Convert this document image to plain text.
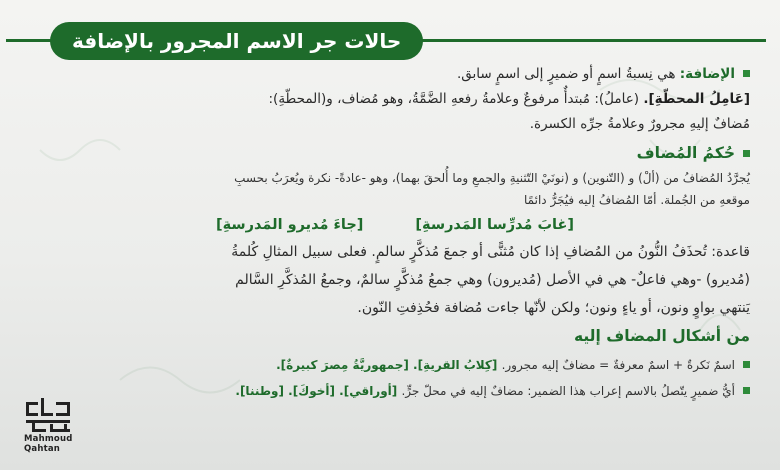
حالات جر الاسم المجرور بالإضافة
الإضافة: هي نِسبةُ اسمٍ أو ضميرٍ إلى اسمٍ سابق.
[عَامِلُ المحطّةِ]. (عاملُ): مُبتدأٌ مرفوعٌ وعلامةُ رفعهِ الضَّمَّةُ، وهو مُضاف، و(المحطّةِ):
مُضافٌ إليهِ مجرورٌ وعلامةُ جرِّه الكسرة.
حُكمُ المُضاف
يُجرَّدُ المُضافُ من (ألْ) و (التّنوين) و (نونَيْ التّثنيةِ والجمعِ وما أُلحقَ بهما)، وهو -عادةً- نكرة ويُعرَبُ بحسبِ
موقعهِ من الجُملة. أمّا المُضافُ إليه فيُجَرُّ دائمًا
[غابَ مُدرِّسا المَدرسةِ]
[جاءَ مُديرو المَدرسةِ]
قاعدة: تُحذَفُ النُّونُ من المُضافِ إذا كان مُثنًّى أو جمعَ مُذكَّرٍ سالمٍ. فعلى سبيل المثالِ كُلمةُ
(مُديرو) -وهي فاعلٌ- هي في الأصل (مُديرون) وهي جمعُ مُذكَّرٍ سالمٌ، وجمعُ المُذكَّرِ السَّالم
يَنتهي بواوٍ ونون، أو ياءٍ ونون؛ ولكن لأنّها جاءت مُضافة فحُذِفتِ النّون.
من أشكال المضاف إليه
اسمٌ نَكرةٌ + اسمٌ معرفةٌ = مضافٌ إليه مجرور. [كِلابُ القريةِ]. [جمهوريَّةُ مِصرَ كبيرةٌ].
أيُّ ضميرٍ يتّصلُ بالاسم إعراب هذا الضمير: مضافٌ إليه في محلّ جرٍّ. [أوراقي]. [أخوكَ]. [وطننا].
Mahmoud Qahtan
